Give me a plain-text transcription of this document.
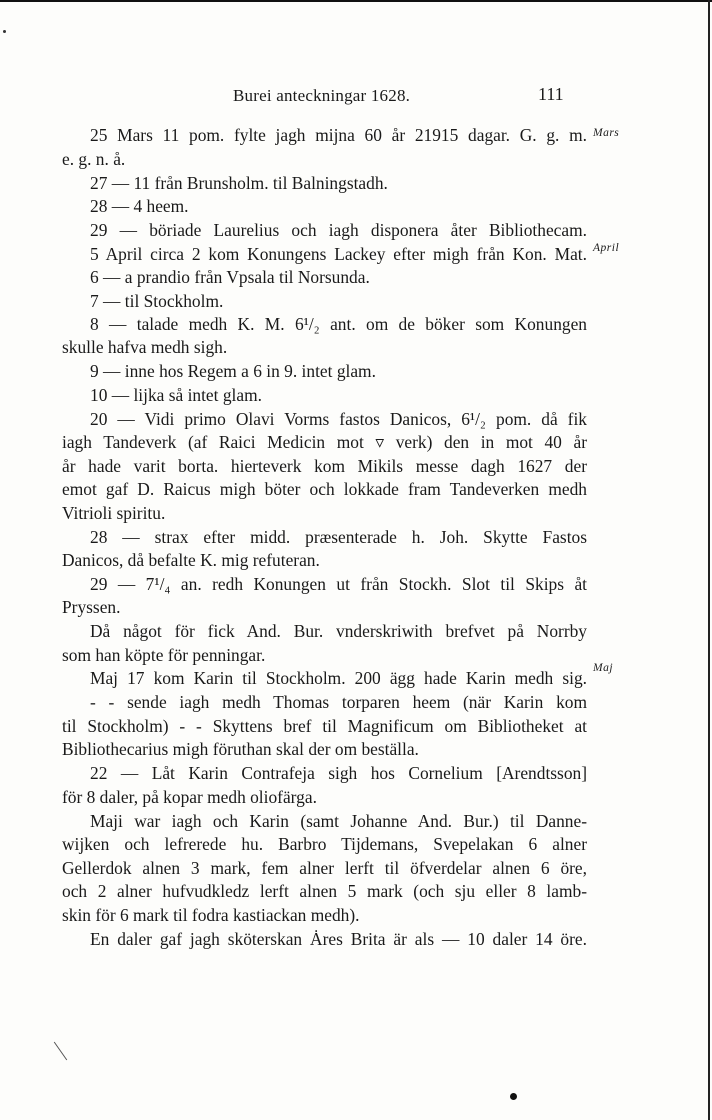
Burei anteckningar 1628.	111
Mars
April
Maj
25 Mars 11 pom. fylte jagh mijna 60 år 21915 dagar. G. g. m.
e. g. n. å.
27 — 11 från Brunsholm. til Balningstadh.
28 — 4 heem.
29 — böriade Laurelius och iagh disponera åter Bibliothecam.
5 April circa 2 kom Konungens Lackey efter migh från Kon. Mat.
6 — a prandio från Vpsala til Norsunda.
7 — til Stockholm.
8 — talade medh K. M. 6¹/₂ ant. om de böker som Konungen
skulle hafva medh sigh.
9 — inne hos Regem a 6 in 9. intet glam.
10 — lijka så intet glam.
20 — Vidi primo Olavi Vorms fastos Danicos, 6¹/₂ pom. då fik
iagh Tandeverk (af Raici Medicin mot ▿ verk) den in mot 40 år
år hade varit borta. hierteverk kom Mikils messe dagh 1627 der
emot gaf D. Raicus migh böter och lokkade fram Tandeverken medh
Vitrioli spiritu.
28 — strax efter midd. præsenterade h. Joh. Skytte Fastos
Danicos, då befalte K. mig refuteran.
29 — 7¹/₄ an. redh Konungen ut från Stockh. Slot til Skips åt
Pryssen.
Då något för fick And. Bur. vnderskriwith brefvet på Norrby
som han köpte för penningar.
Maj 17 kom Karin til Stockholm. 200 ägg hade Karin medh sig.
- - sende iagh medh Thomas torparen heem (när Karin kom
til Stockholm) - - Skyttens bref til Magnificum om Bibliotheket at
Bibliothecarius migh föruthan skal der om beställa.
22 — Låt Karin Contrafeja sigh hos Cornelium [Arendtsson]
för 8 daler, på kopar medh oliofärga.
Maji war iagh och Karin (samt Johanne And. Bur.) til Danne-
wijken och lefrerede hu. Barbro Tijdemans, Svepelakan 6 alner
Gellerdok alnen 3 mark, fem alner lerft til öfverdelar alnen 6 öre,
och 2 alner hufvudkledz lerft alnen 5 mark (och sju eller 8 lamb-
skin för 6 mark til fodra kastiackan medh).
En daler gaf jagh sköterskan Ȧres Brita är als — 10 daler 14 öre.
